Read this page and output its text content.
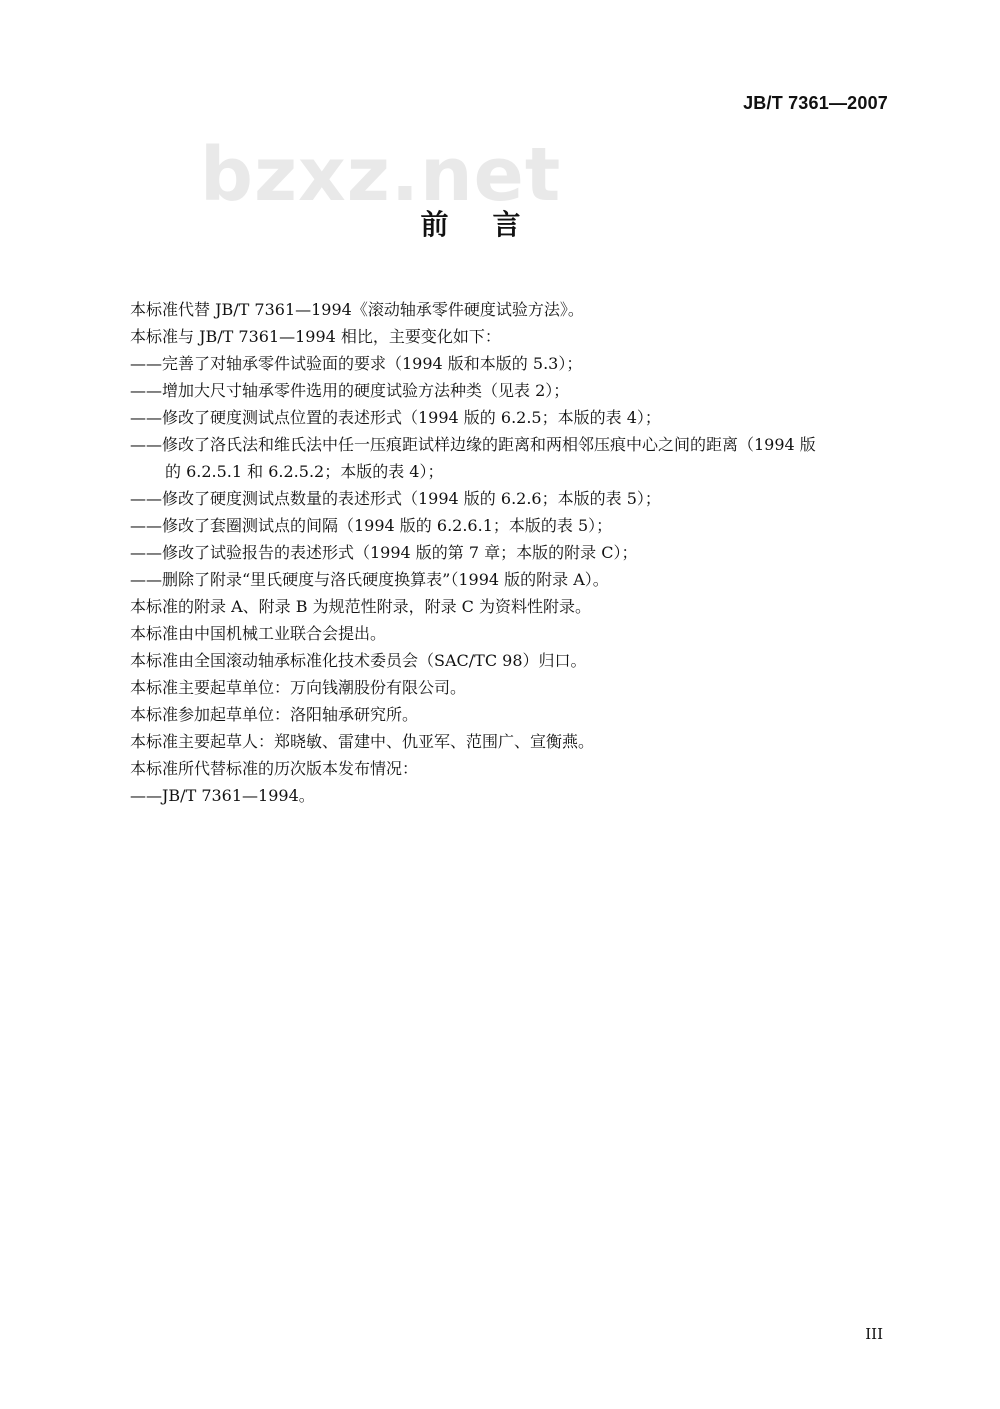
JB/T 7361—2007
bzxz.net
前言
本标准代替 JB/T 7361—1994《滚动轴承零件硬度试验方法》。
本标准与 JB/T 7361—1994 相比，主要变化如下：
——完善了对轴承零件试验面的要求（1994 版和本版的 5.3）；
——增加大尺寸轴承零件选用的硬度试验方法种类（见表 2）；
——修改了硬度测试点位置的表述形式（1994 版的 6.2.5；本版的表 4）；
——修改了洛氏法和维氏法中任一压痕距试样边缘的距离和两相邻压痕中心之间的距离（1994 版
的 6.2.5.1 和 6.2.5.2；本版的表 4）；
——修改了硬度测试点数量的表述形式（1994 版的 6.2.6；本版的表 5）；
——修改了套圈测试点的间隔（1994 版的 6.2.6.1；本版的表 5）；
——修改了试验报告的表述形式（1994 版的第 7 章；本版的附录 C）；
——删除了附录“里氏硬度与洛氏硬度换算表”（1994 版的附录 A）。
本标准的附录 A、附录 B 为规范性附录，附录 C 为资料性附录。
本标准由中国机械工业联合会提出。
本标准由全国滚动轴承标准化技术委员会（SAC/TC 98）归口。
本标准主要起草单位：万向钱潮股份有限公司。
本标准参加起草单位：洛阳轴承研究所。
本标准主要起草人：郑晓敏、雷建中、仇亚军、范围广、宣衡燕。
本标准所代替标准的历次版本发布情况：
——JB/T 7361—1994。
III
